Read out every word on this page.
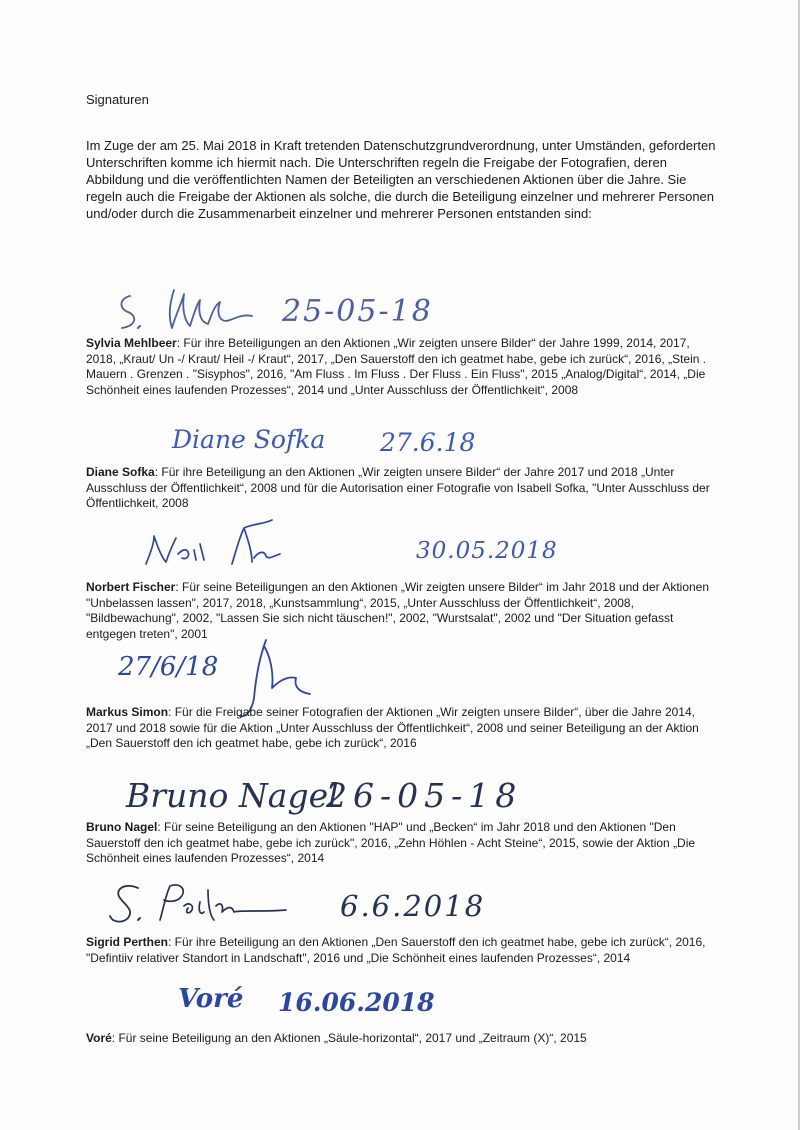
Signaturen
Im Zuge der am 25. Mai 2018 in Kraft tretenden Datenschutzgrundverordnung, unter Umständen, geforderten Unterschriften komme ich hiermit nach. Die Unterschriften regeln die Freigabe der Fotografien, deren Abbildung und die veröffentlichten Namen der Beteiligten an verschiedenen Aktionen über die Jahre. Sie regeln auch die Freigabe der Aktionen als solche, die durch die Beteiligung einzelner und mehrerer Personen und/oder durch die Zusammenarbeit einzelner und mehrerer Personen entstanden sind:
25-05-18
Sylvia Mehlbeer: Für ihre Beteiligungen an den Aktionen „Wir zeigten unsere Bilder“ der Jahre 1999, 2014, 2017, 2018, „Kraut/ Un -/ Kraut/ Heil -/ Kraut“, 2017, „Den Sauerstoff den ich geatmet habe, gebe ich zurück“, 2016, „Stein . Mauern . Grenzen . "Sisyphos", 2016, "Am Fluss . Im Fluss . Der Fluss . Ein Fluss", 2015 „Analog/Digital“, 2014, „Die Schönheit eines laufenden Prozesses“, 2014 und „Unter Ausschluss der Öffentlichkeit“, 2008
Diane Sofka 27.6.18
Diane Sofka: Für ihre Beteiligung an den Aktionen „Wir zeigten unsere Bilder“ der Jahre 2017 und 2018 „Unter Ausschluss der Öffentlichkeit“, 2008 und für die Autorisation einer Fotografie von Isabell Sofka, "Unter Ausschluss der Öffentlichkeit, 2008
30.05.2018
Norbert Fischer: Für seine Beteiligungen an den Aktionen „Wir zeigten unsere Bilder“ im Jahr 2018 und der Aktionen "Unbelassen lassen", 2017, 2018, „Kunstsammlung“, 2015, „Unter Ausschluss der Öffentlichkeit“, 2008, "Bildbewachung", 2002, "Lassen Sie sich nicht täuschen!", 2002, "Wurstsalat", 2002 und "Der Situation gefasst entgegen treten", 2001
27/6/18
Markus Simon: Für die Freigabe seiner Fotografien der Aktionen „Wir zeigten unsere Bilder“, über die Jahre 2014, 2017 und 2018 sowie für die Aktion „Unter Ausschluss der Öffentlichkeit“, 2008 und seiner Beteiligung an der Aktion „Den Sauerstoff den ich geatmet habe, gebe ich zurück“, 2016
Bruno Nagel
26-05-18
Bruno Nagel: Für seine Beteiligung an den Aktionen "HAP" und „Becken“ im Jahr 2018 und den Aktionen "Den Sauerstoff den ich geatmet habe, gebe ich zurück", 2016, „Zehn Höhlen - Acht Steine“, 2015, sowie der Aktion „Die Schönheit eines laufenden Prozesses“, 2014
6.6.2018
Sigrid Perthen: Für ihre Beteiligung an den Aktionen „Den Sauerstoff den ich geatmet habe, gebe ich zurück“, 2016, "Defintiiv relativer Standort in Landschaft", 2016 und „Die Schönheit eines laufenden Prozesses“, 2014
Voré 16.06.2018
Voré: Für seine Beteiligung an den Aktionen „Säule-horizontal“, 2017 und „Zeitraum (X)“, 2015
